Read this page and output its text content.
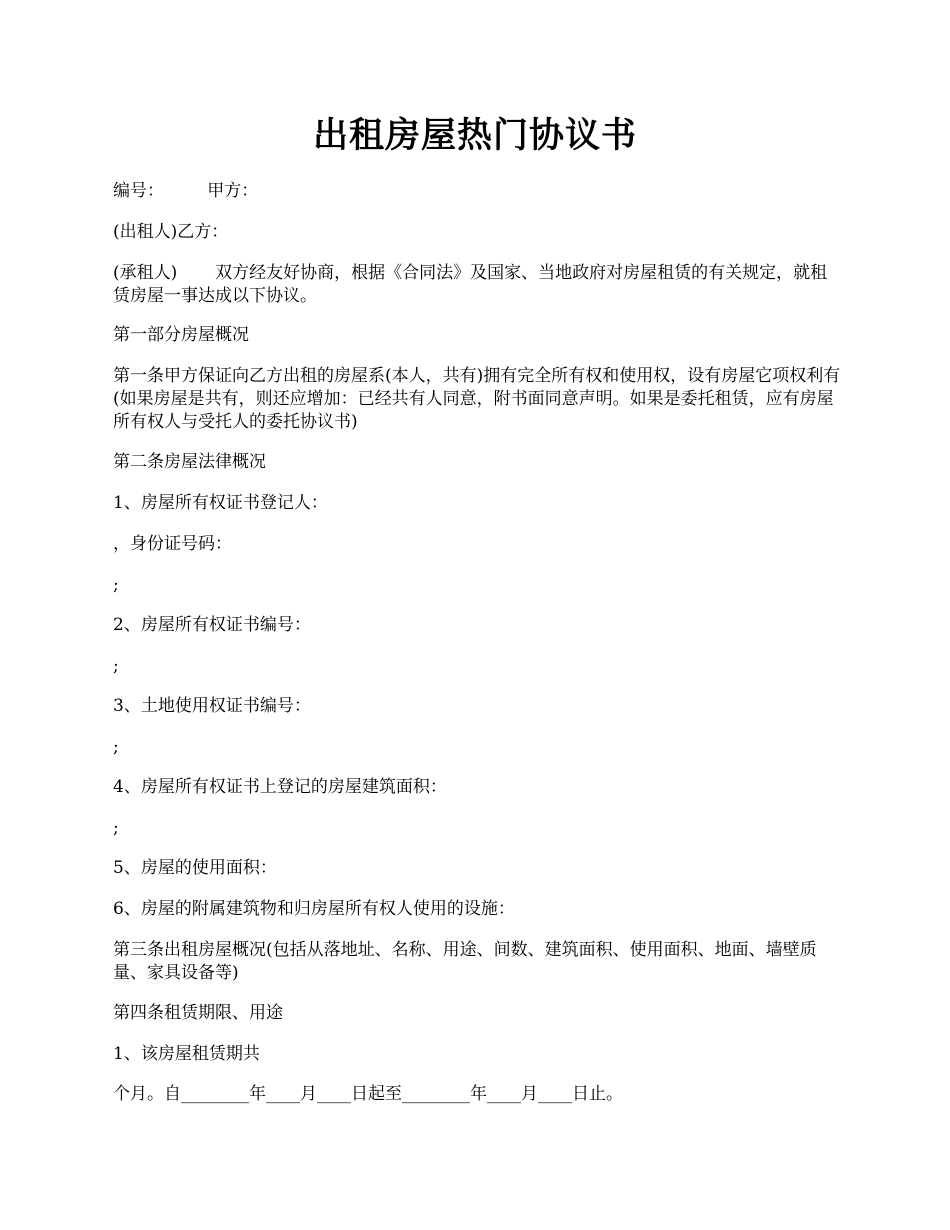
出租房屋热门协议书

编号：        甲方：

(出租人)乙方：

(承租人)       双方经友好协商，根据《合同法》及国家、当地政府对房屋租赁的有关规定，就租赁房屋一事达成以下协议。

第一部分房屋概况

第一条甲方保证向乙方出租的房屋系(本人，共有)拥有完全所有权和使用权，设有房屋它项权利有       (如果房屋是共有，则还应增加：已经共有人同意，附书面同意声明。如果是委托租赁，应有房屋所有权人与受托人的委托协议书)

第二条房屋法律概况

1、房屋所有权证书登记人：

，身份证号码：

;

2、房屋所有权证书编号：

;

3、土地使用权证书编号：

;

4、房屋所有权证书上登记的房屋建筑面积：

;

5、房屋的使用面积：

6、房屋的附属建筑物和归房屋所有权人使用的设施：

第三条出租房屋概况(包括从落地址、名称、用途、间数、建筑面积、使用面积、地面、墙壁质量、家具设备等)

第四条租赁期限、用途

1、该房屋租赁期共

个月。自________年____月____日起至________年____月____日止。
